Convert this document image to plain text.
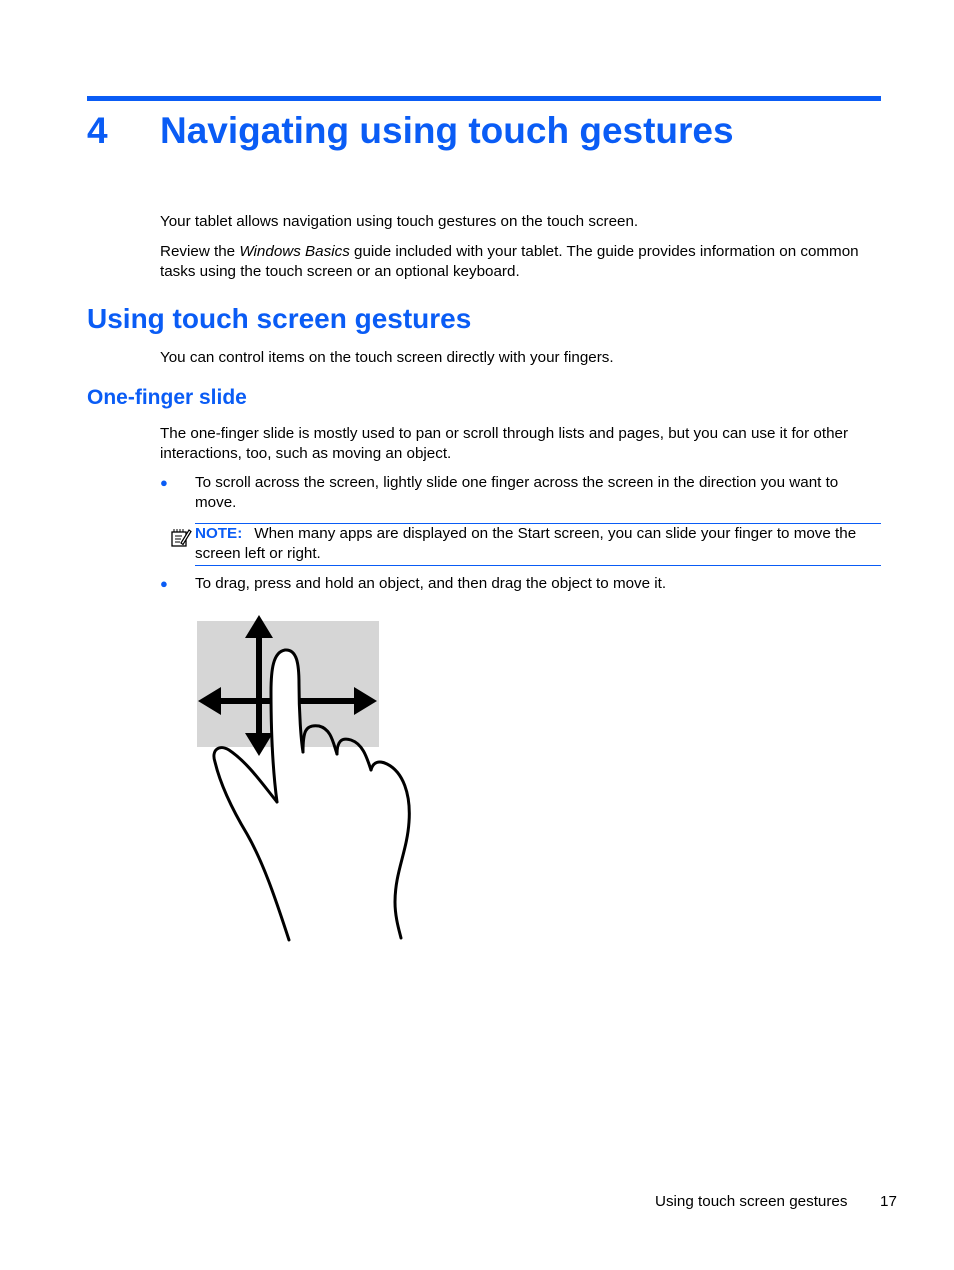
4 Navigating using touch gestures

Your tablet allows navigation using touch gestures on the touch screen.

Review the Windows Basics guide included with your tablet. The guide provides information on common tasks using the touch screen or an optional keyboard.

Using touch screen gestures

You can control items on the touch screen directly with your fingers.

One-finger slide

The one-finger slide is mostly used to pan or scroll through lists and pages, but you can use it for other interactions, too, such as moving an object.

● To scroll across the screen, lightly slide one finger across the screen in the direction you want to move.
NOTE: When many apps are displayed on the Start screen, you can slide your finger to move the screen left or right.
● To drag, press and hold an object, and then drag the object to move it.
Using touch screen gestures 17
